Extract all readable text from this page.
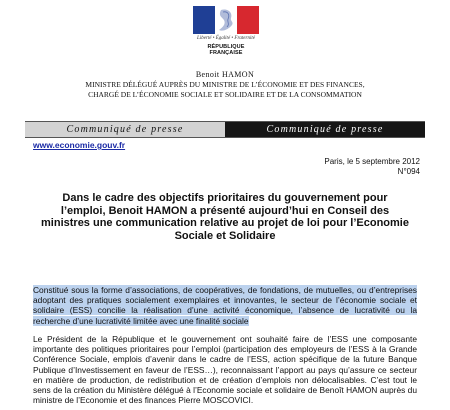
Liberté • Égalité • Fraternité
RÉPUBLIQUE FRANÇAISE
Benoit HAMON
MINISTRE DÉLÉGUÉ AUPRÈS DU MINISTRE DE L’ÉCONOMIE ET DES FINANCES,
CHARGÉ DE L’ÉCONOMIE SOCIALE ET SOLIDAIRE ET DE LA CONSOMMATION
Communiqué de presse	Communiqué de presse
www.economie.gouv.fr
Paris, le 5 septembre 2012
N°094
Dans le cadre des objectifs prioritaires du gouvernement pour l’emploi, Benoit HAMON a présenté aujourd’hui en Conseil des ministres une communication relative au projet de loi pour l’Economie Sociale et Solidaire
Constitué sous la forme d’associations, de coopératives, de fondations, de mutuelles, ou d’entreprises adoptant des pratiques socialement exemplaires et innovantes, le secteur de l’économie sociale et solidaire (ESS) concilie la réalisation d’une activité économique, l’absence de lucrativité ou la recherche d’une lucrativité limitée avec une finalité sociale
Le Président de la République et le gouvernement ont souhaité faire de l’ESS une composante importante des politiques prioritaires pour l’emploi (participation des employeurs de l’ESS à la Grande Conférence Sociale, emplois d’avenir dans le cadre de l’ESS, action spécifique de la future Banque Publique d’Investissement en faveur de l’ESS…), reconnaissant l’apport au pays qu’assure ce secteur en matière de production, de redistribution et de création d’emplois non délocalisables. C’est tout le sens de la création du Ministère délégué à l’Economie sociale et solidaire de Benoît HAMON auprès du ministre de l’Economie et des finances Pierre MOSCOVICI.
